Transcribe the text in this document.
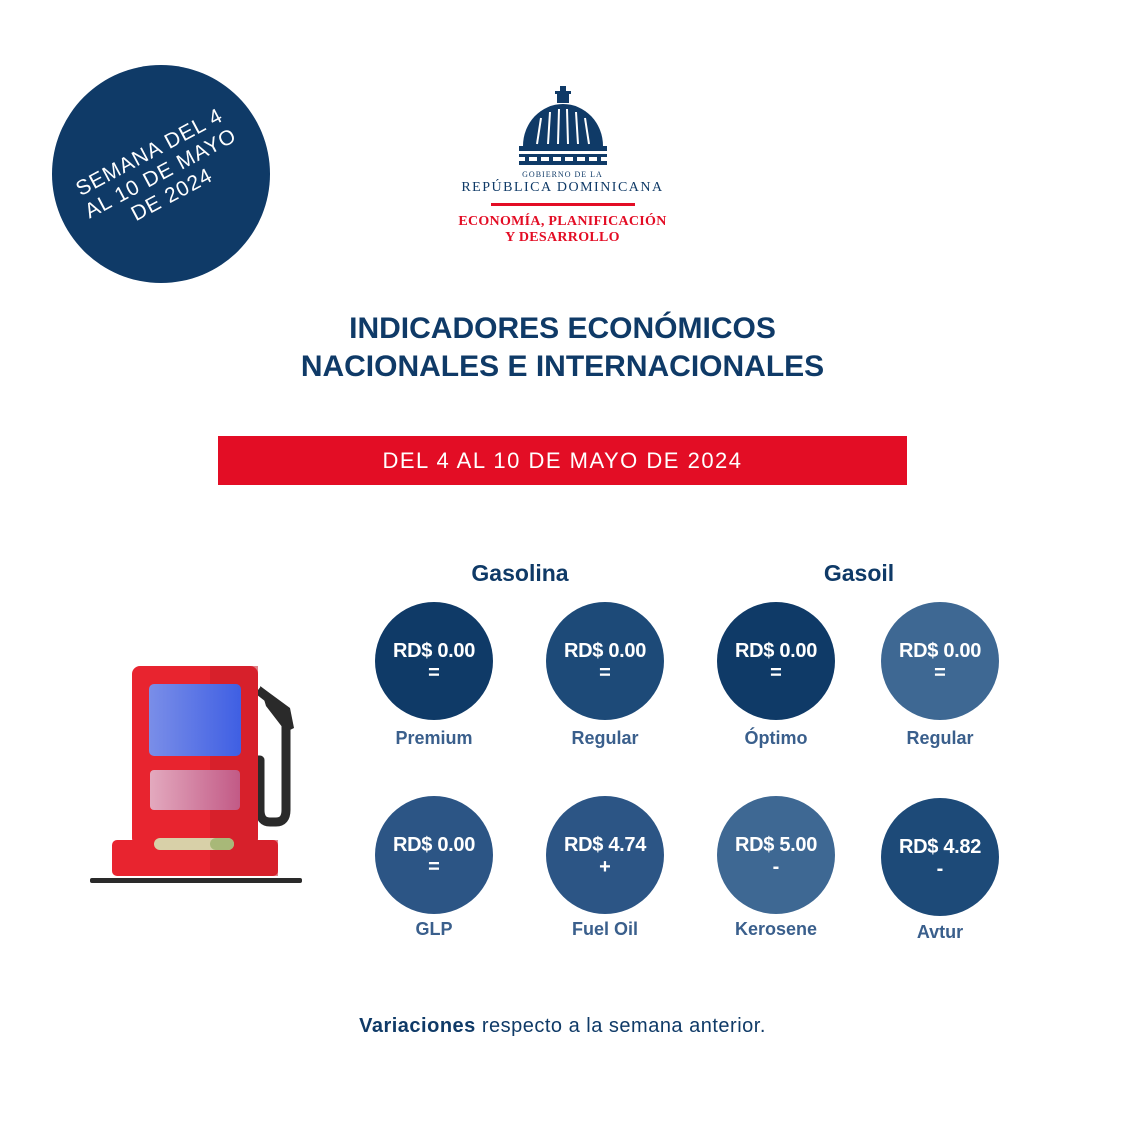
SEMANA DEL 4 AL 10 DE MAYO DE 2024	GOBIERNO DE LA
REPÚBLICA DOMINICANA
ECONOMÍA, PLANIFICACIÓN
Y DESARROLLO
INDICADORES ECONÓMICOS
NACIONALES E INTERNACIONALES
DEL 4 AL 10 DE MAYO DE 2024
Gasolina	Gasoil
RD$ 0.00
=
Premium
RD$ 0.00
=
Regular
RD$ 0.00
=
Óptimo
RD$ 0.00
=
Regular
RD$ 0.00
=
GLP
RD$ 4.74
+
Fuel Oil
RD$ 5.00
-
Kerosene
RD$ 4.82
-
Avtur
Variaciones respecto a la semana anterior.
